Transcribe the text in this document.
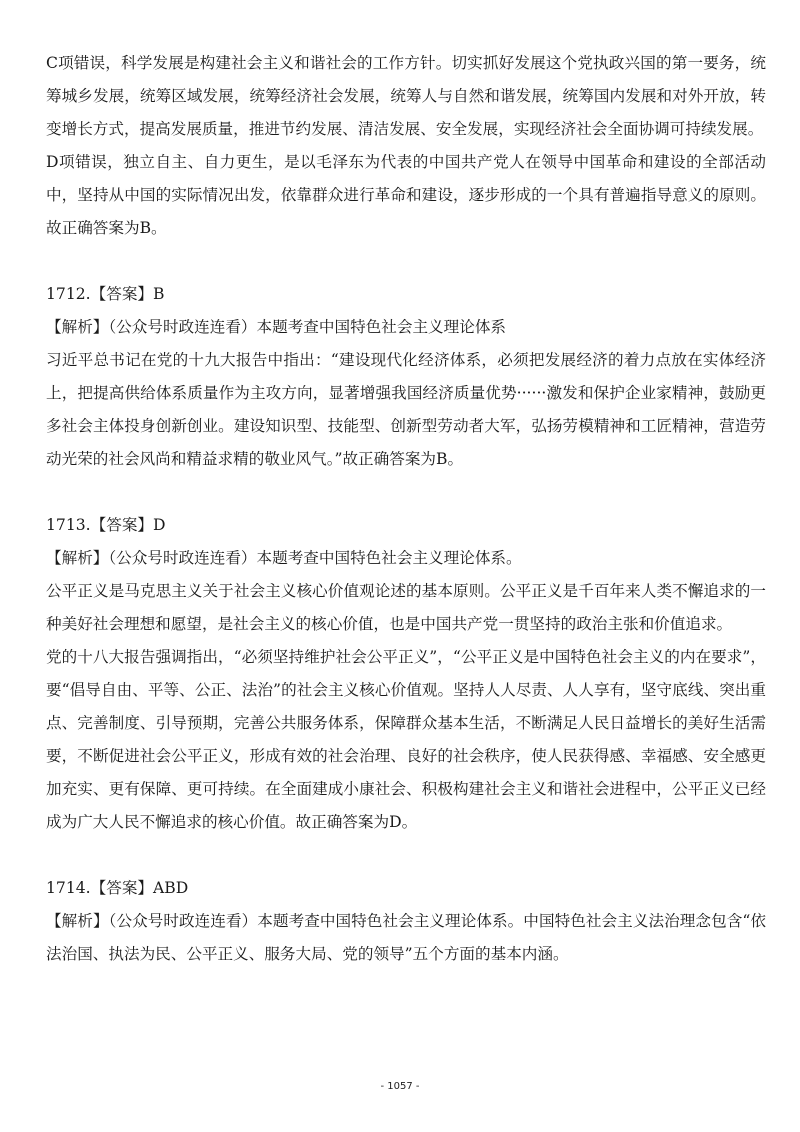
C项错误，科学发展是构建社会主义和谐社会的工作方针。切实抓好发展这个党执政兴国的第一要务，统筹城乡发展，统筹区域发展，统筹经济社会发展，统筹人与自然和谐发展，统筹国内发展和对外开放，转变增长方式，提高发展质量，推进节约发展、清洁发展、安全发展，实现经济社会全面协调可持续发展。

D项错误，独立自主、自力更生，是以毛泽东为代表的中国共产党人在领导中国革命和建设的全部活动中，坚持从中国的实际情况出发，依靠群众进行革命和建设，逐步形成的一个具有普遍指导意义的原则。故正确答案为B。

1712.【答案】B

【解析】（公众号时政连连看）本题考查中国特色社会主义理论体系

习近平总书记在党的十九大报告中指出：“建设现代化经济体系，必须把发展经济的着力点放在实体经济上，把提高供给体系质量作为主攻方向，显著增强我国经济质量优势······激发和保护企业家精神，鼓励更多社会主体投身创新创业。建设知识型、技能型、创新型劳动者大军，弘扬劳模精神和工匠精神，营造劳动光荣的社会风尚和精益求精的敬业风气。”故正确答案为B。

1713.【答案】D

【解析】（公众号时政连连看）本题考查中国特色社会主义理论体系。

公平正义是马克思主义关于社会主义核心价值观论述的基本原则。公平正义是千百年来人类不懈追求的一种美好社会理想和愿望，是社会主义的核心价值，也是中国共产党一贯坚持的政治主张和价值追求。

党的十八大报告强调指出，“必须坚持维护社会公平正义”，“公平正义是中国特色社会主义的内在要求”，要“倡导自由、平等、公正、法治”的社会主义核心价值观。坚持人人尽责、人人享有，坚守底线、突出重点、完善制度、引导预期，完善公共服务体系，保障群众基本生活，不断满足人民日益增长的美好生活需要，不断促进社会公平正义，形成有效的社会治理、良好的社会秩序，使人民获得感、幸福感、安全感更加充实、更有保障、更可持续。在全面建成小康社会、积极构建社会主义和谐社会进程中，公平正义已经成为广大人民不懈追求的核心价值。故正确答案为D。

1714.【答案】ABD

【解析】（公众号时政连连看）本题考查中国特色社会主义理论体系。中国特色社会主义法治理念包含“依法治国、执法为民、公平正义、服务大局、党的领导”五个方面的基本内涵。

- 1057 -
